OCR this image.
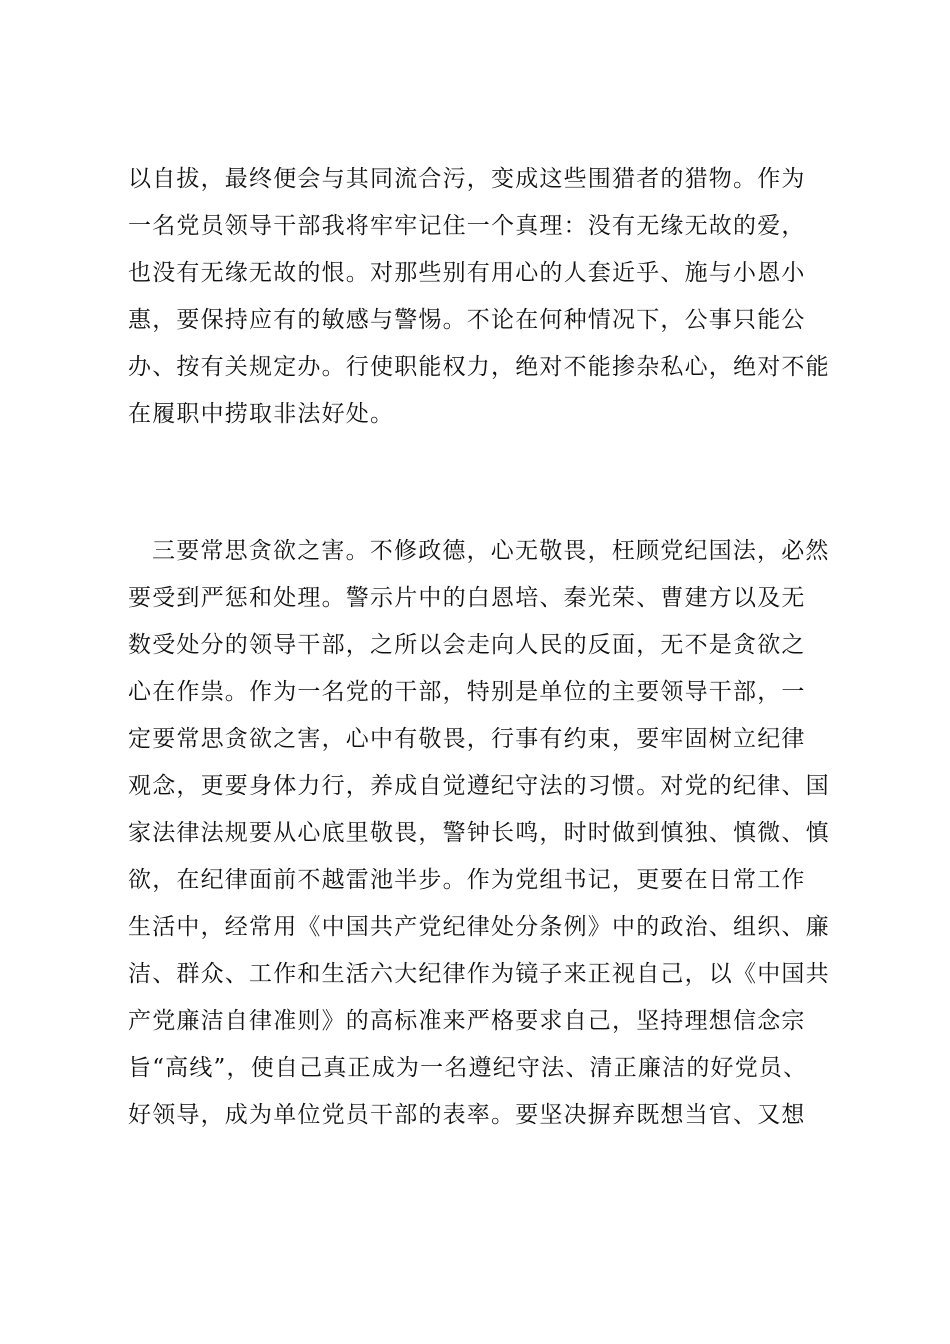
以自拔，最终便会与其同流合污，变成这些围猎者的猎物。作为
一名党员领导干部我将牢牢记住一个真理：没有无缘无故的爱，
也没有无缘无故的恨。对那些别有用心的人套近乎、施与小恩小
惠，要保持应有的敏感与警惕。不论在何种情况下，公事只能公
办、按有关规定办。行使职能权力，绝对不能掺杂私心，绝对不能
在履职中捞取非法好处。
三要常思贪欲之害。不修政德，心无敬畏，枉顾党纪国法，必然
要受到严惩和处理。警示片中的白恩培、秦光荣、曹建方以及无
数受处分的领导干部，之所以会走向人民的反面，无不是贪欲之
心在作祟。作为一名党的干部，特别是单位的主要领导干部，一
定要常思贪欲之害，心中有敬畏，行事有约束，要牢固树立纪律
观念，更要身体力行，养成自觉遵纪守法的习惯。对党的纪律、国
家法律法规要从心底里敬畏，警钟长鸣，时时做到慎独、慎微、慎
欲，在纪律面前不越雷池半步。作为党组书记，更要在日常工作
生活中，经常用《中国共产党纪律处分条例》中的政治、组织、廉
洁、群众、工作和生活六大纪律作为镜子来正视自己，以《中国共
产党廉洁自律准则》的高标准来严格要求自己，坚持理想信念宗
旨“高线”，使自己真正成为一名遵纪守法、清正廉洁的好党员、
好领导，成为单位党员干部的表率。要坚决摒弃既想当官、又想
